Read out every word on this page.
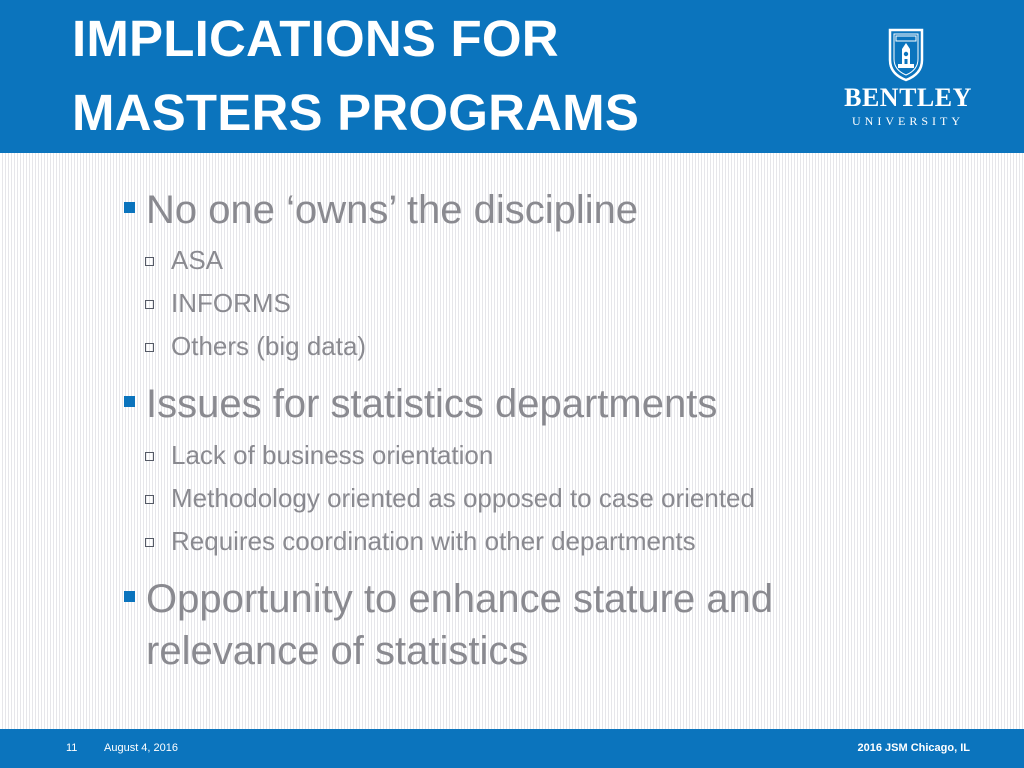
IMPLICATIONS FOR
MASTERS PROGRAMS	BENTLEY
UNIVERSITY
No one ‘owns’ the discipline
ASA
INFORMS
Others (big data)
Issues for statistics departments
Lack of business orientation
Methodology oriented as opposed to case oriented
Requires coordination with other departments
Opportunity to enhance stature and
relevance of statistics
11 August 4, 2016	2016 JSM Chicago, IL
